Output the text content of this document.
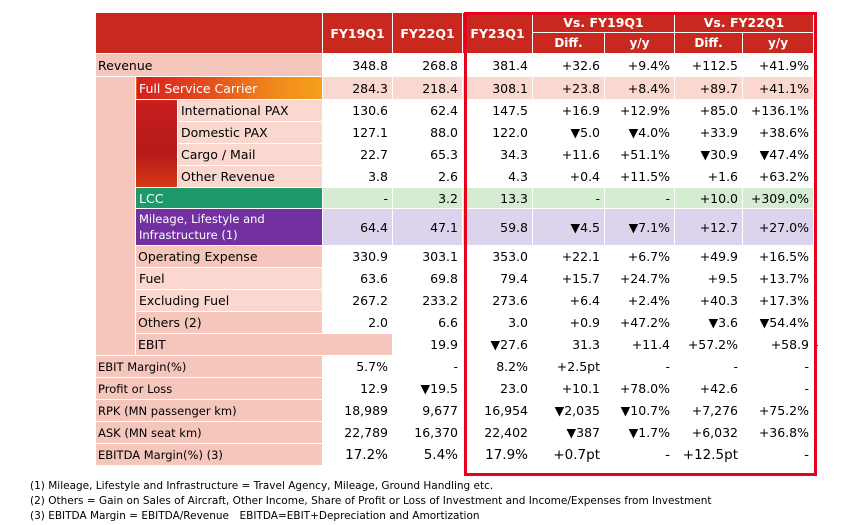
			FY19Q1	FY22Q1	FY23Q1	Vs. FY19Q1		Vs. FY22Q1		
						Diff.	y/y	Diff.	y/y	
Revenue			348.8	268.8	381.4	+32.6	+9.4%	+112.5	+41.9%	
	Full Service Carrier		284.3	218.4	308.1	+23.8	+8.4%	+89.7	+41.1%	
		International PAX	130.6	62.4	147.5	+16.9	+12.9%	+85.0	+136.1%	
		Domestic PAX	127.1	88.0	122.0	▼5.0	▼4.0%	+33.9	+38.6%	
		Cargo / Mail	22.7	65.3	34.3	+11.6	+51.1%	▼30.9	▼47.4%	
		Other Revenue	3.8	2.6	4.3	+0.4	+11.5%	+1.6	+63.2%	
	LCC		-	3.2	13.3	-	-	+10.0	+309.0%	
	Mileage, Lifestyle and Infrastructure (1)		64.4	47.1	59.8	▼4.5	▼7.1%	+12.7	+27.0%	
	Operating Expense		330.9	303.1	353.0	+22.1	+6.7%	+49.9	+16.5%	
	Fuel		63.6	69.8	79.4	+15.7	+24.7%	+9.5	+13.7%	
	Excluding Fuel		267.2	233.2	273.6	+6.4	+2.4%	+40.3	+17.3%	
	Others (2)		2.0	6.6	3.0	+0.9	+47.2%	▼3.6	▼54.4%	
	EBIT			19.9	▼27.6	31.3	+11.4	+57.2%	+58.9	-
EBIT Margin(%)			5.7%	-	8.2%	+2.5pt	-	-	-	
Profit or Loss			12.9	▼19.5	23.0	+10.1	+78.0%	+42.6	-	
RPK (MN passenger km)			18,989	9,677	16,954	▼2,035	▼10.7%	+7,276	+75.2%	
ASK (MN seat km)			22,789	16,370	22,402	▼387	▼1.7%	+6,032	+36.8%	
EBITDA Margin(%) (3)			17.2%	5.4%	17.9%	+0.7pt	-	+12.5pt	-	
(1) Mileage, Lifestyle and Infrastructure = Travel Agency, Mileage, Ground Handling etc.
(2) Others = Gain on Sales of Aircraft, Other Income, Share of Profit or Loss of Investment and Income/Expenses from Investment
(3) EBITDA Margin = EBITDA/Revenue　EBITDA=EBIT+Depreciation and Amortization
